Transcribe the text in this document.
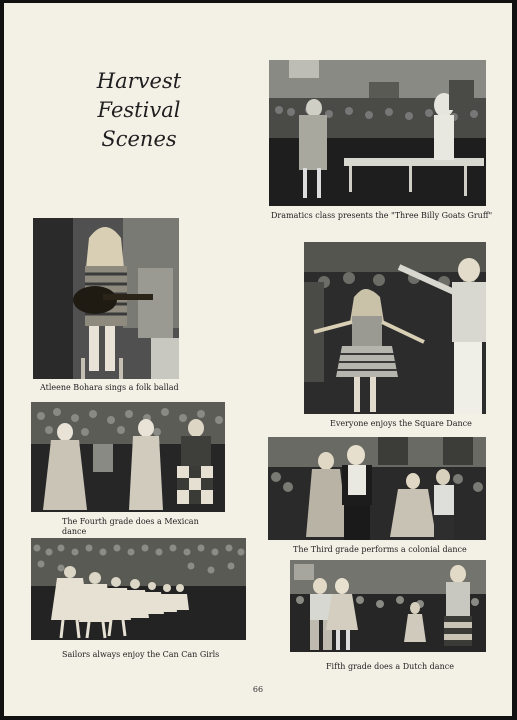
Harvest
Festival
Scenes
Dramatics class presents the "Three Billy Goats Gruff"
Atleene Bohara sings a folk ballad
Everyone enjoys the Square Dance
The Fourth grade does a Mexican dance
The Third grade performs a colonial dance
Sailors always enjoy the Can Can Girls
Fifth grade does a Dutch dance
66
